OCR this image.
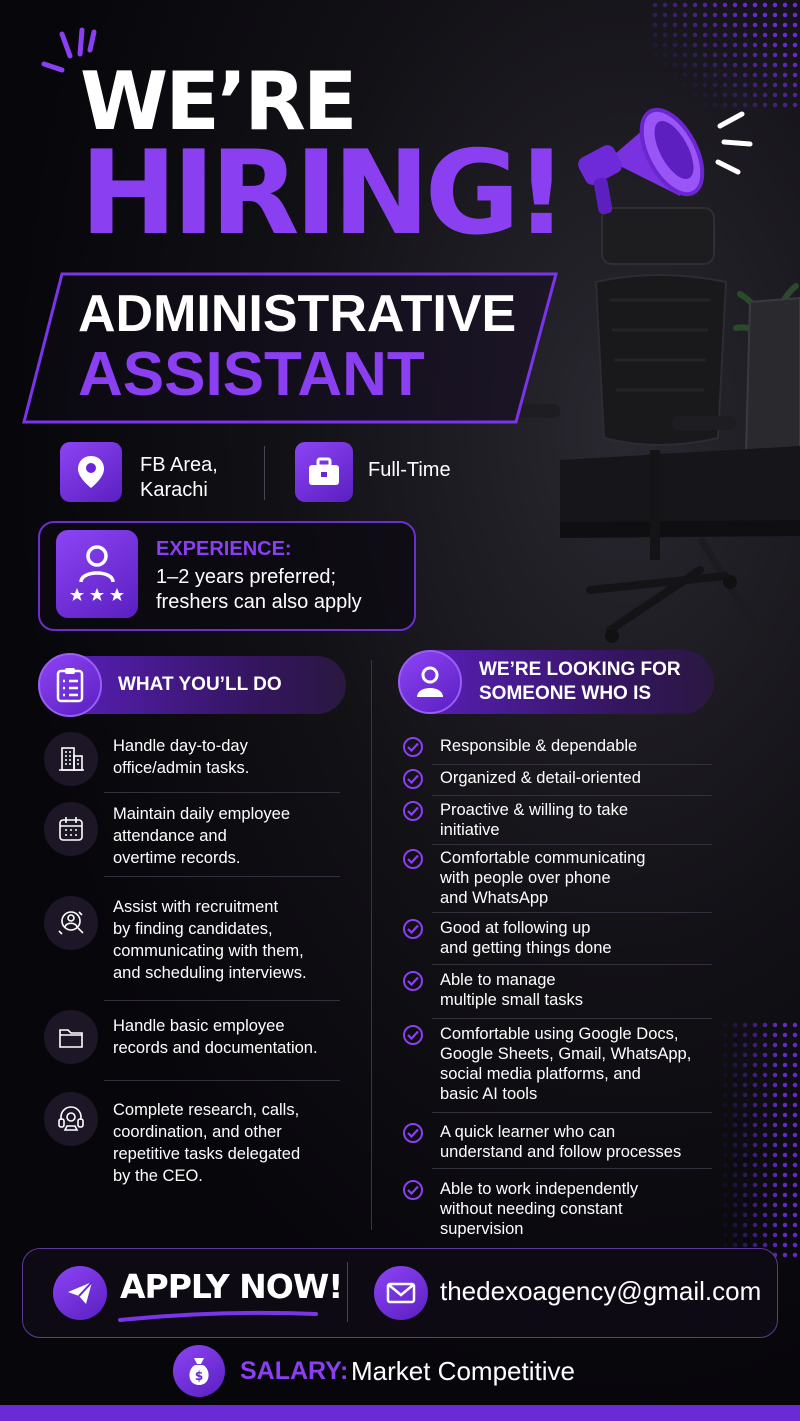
WE’RE
HIRING!
ADMINISTRATIVE
ASSISTANT
FB Area,
Karachi
Full-Time
EXPERIENCE:
1–2 years preferred;
freshers can also apply
WHAT YOU’LL DO
WE’RE LOOKING FOR
SOMEONE WHO IS
Handle day-to-day
office/admin tasks.
Maintain daily employee
attendance and
overtime records.
Assist with recruitment
by finding candidates,
communicating with them,
and scheduling interviews.
Handle basic employee
records and documentation.
Complete research, calls,
coordination, and other
repetitive tasks delegated
by the CEO.
Responsible & dependable
Organized & detail-oriented
Proactive & willing to take
initiative
Comfortable communicating
with people over phone
and WhatsApp
Good at following up
and getting things done
Able to manage
multiple small tasks
Comfortable using Google Docs,
Google Sheets, Gmail, WhatsApp,
social media platforms, and
basic AI tools
A quick learner who can
understand and follow processes
Able to work independently
without needing constant
supervision
APPLY NOW!	thedexoagency@gmail.com
$ SALARY: Market Competitive
